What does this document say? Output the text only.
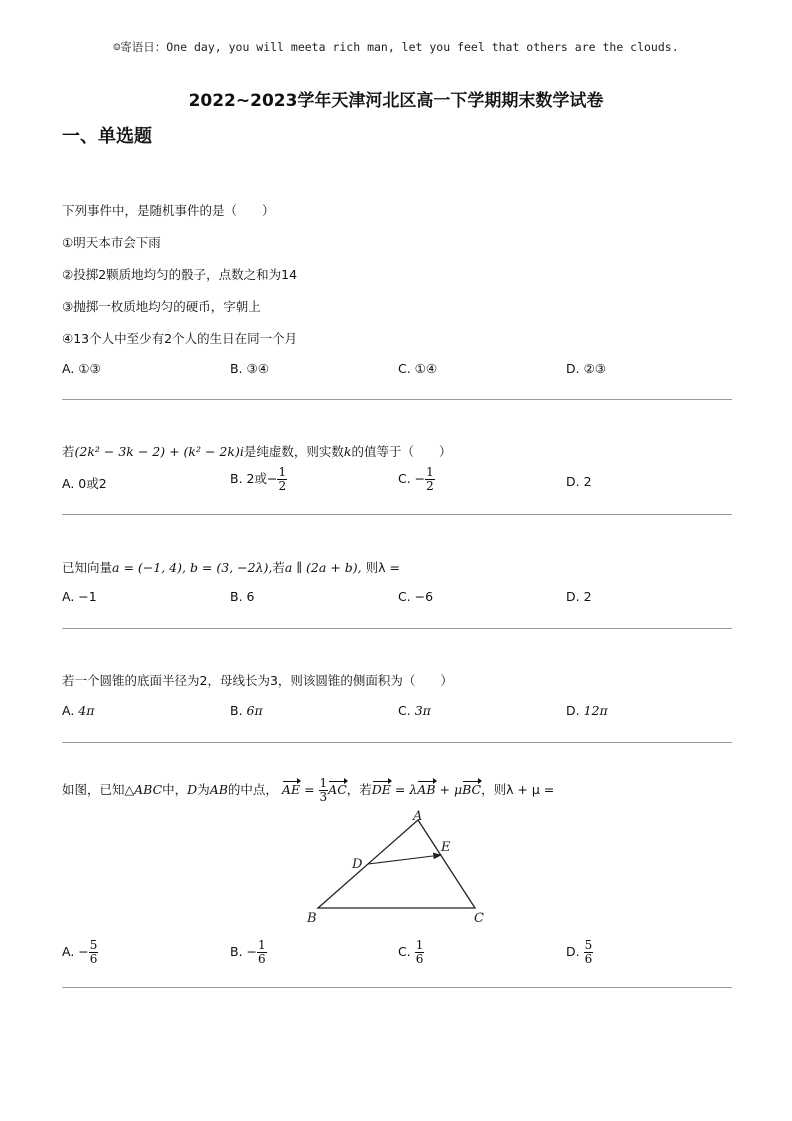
☺寄语日：One day, you will meeta rich man, let you feel that others are the clouds.
2022~2023学年天津河北区高一下学期期末数学试卷
一、单选题
下列事件中，是随机事件的是（　　）
①明天本市会下雨
②投掷2颗质地均匀的骰子，点数之和为14
③抛掷一枚质地均匀的硬币，字朝上
④13个人中至少有2个人的生日在同一个月
A. ①③	B. ③④	C. ①④	D. ②③
若(2k² − 3k − 2) + (k² − 2k)i是纯虚数，则实数k的值等于（　　）
A. 0或2	B. 2或− $\frac{1}{2}$	C. − $\frac{1}{2}$	D. 2
已知向量a = (−1, 4), b = (3, −2λ),若a ∥ (2a + b), 则λ =
A. −1	B. 6	C. −6	D. 2
若一个圆锥的底面半径为2，母线长为3，则该圆锥的侧面积为（　　）
A. 4π	B. 6π	C. 3π	D. 12π
如图，已知△ABC中，D为AB的中点， AE = $\frac{1}{3}$ AC，若DE = λAB + μBC，则λ + μ =
A
B	C
D
E
A. − $\frac{5}{6}$	B. − $\frac{1}{6}$	C. $\frac{1}{6}$	D. $\frac{5}{6}$
